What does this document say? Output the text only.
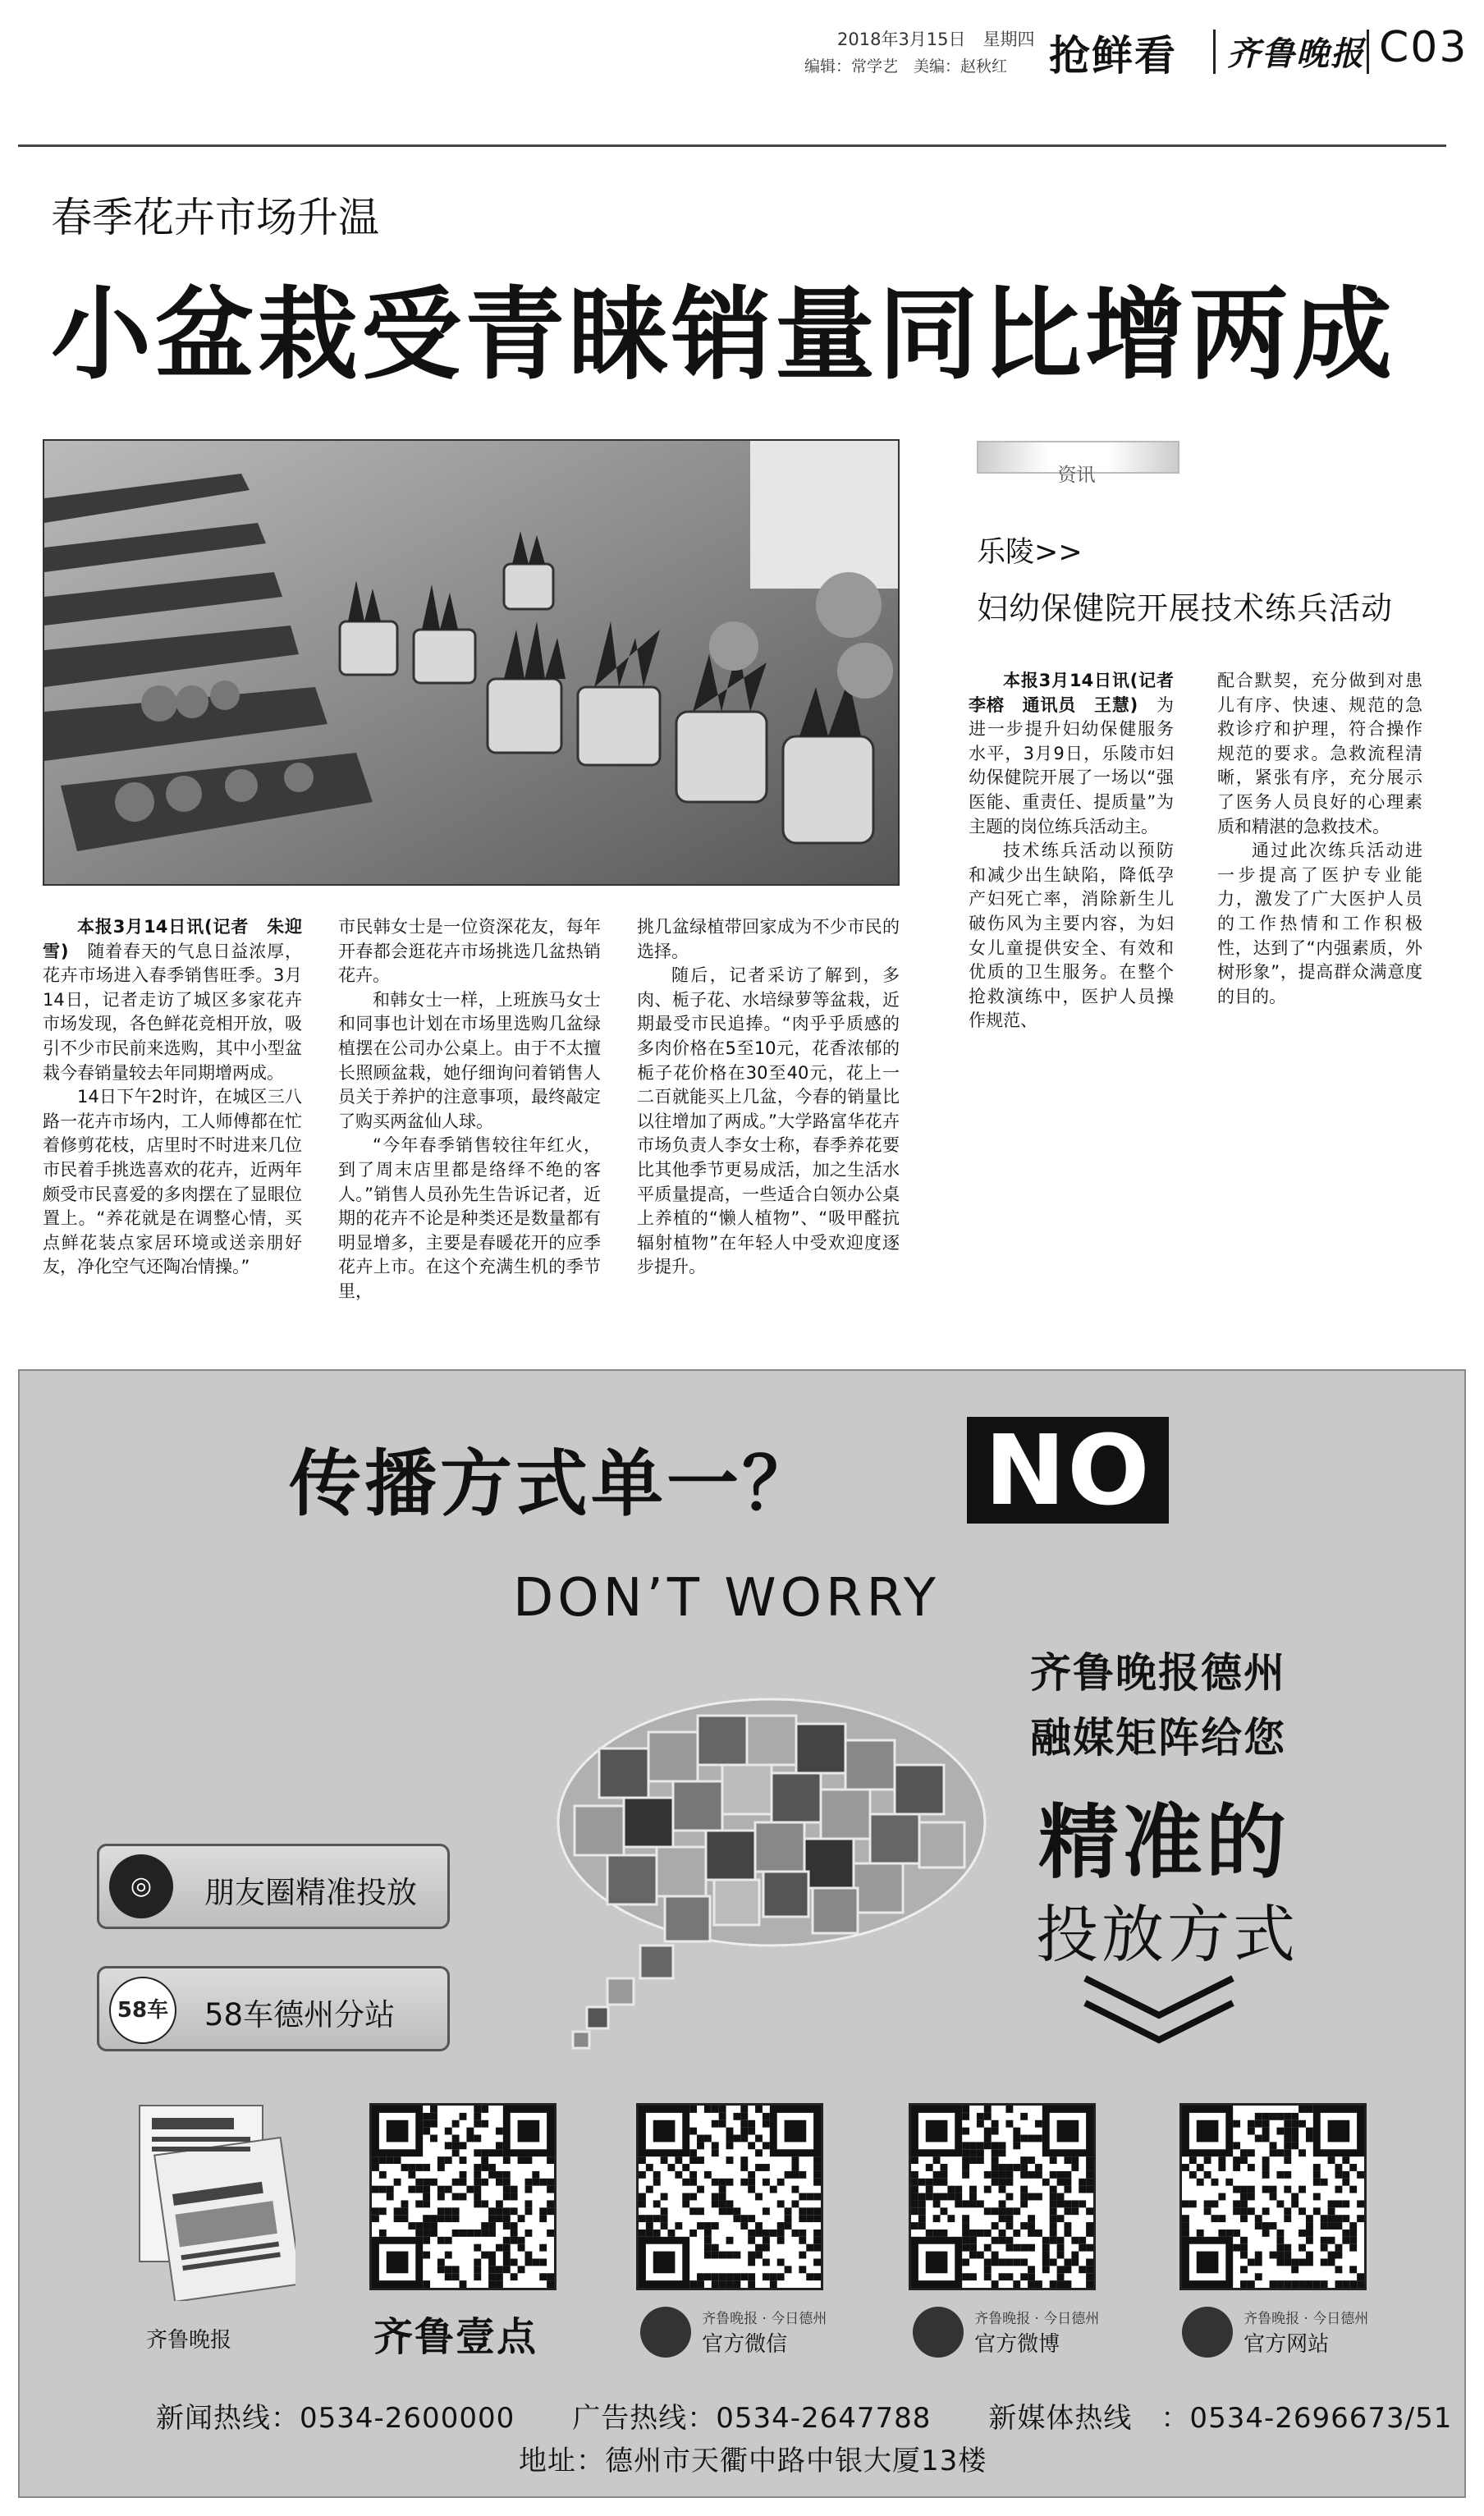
2018年3月15日　星期四
编辑：常学艺　美编：赵秋红 抢鲜看 齐鲁晚报 C03
春季花卉市场升温
小盆栽受青睐销量同比增两成

本报3月14日讯(记者　朱迎雪)　随着春天的气息日益浓厚，花卉市场进入春季销售旺季。3月14日，记者走访了城区多家花卉市场发现，各色鲜花竞相开放，吸引不少市民前来选购，其中小型盆栽今春销量较去年同期增两成。

14日下午2时许，在城区三八路一花卉市场内，工人师傅都在忙着修剪花枝，店里时不时进来几位市民着手挑选喜欢的花卉，近两年颇受市民喜爱的多肉摆在了显眼位置上。“养花就是在调整心情，买点鲜花装点家居环境或送亲朋好友，净化空气还陶冶情操。”

市民韩女士是一位资深花友，每年开春都会逛花卉市场挑选几盆热销花卉。

和韩女士一样，上班族马女士和同事也计划在市场里选购几盆绿植摆在公司办公桌上。由于不太擅长照顾盆栽，她仔细询问着销售人员关于养护的注意事项，最终敲定了购买两盆仙人球。

“今年春季销售较往年红火，到了周末店里都是络绎不绝的客人。”销售人员孙先生告诉记者，近期的花卉不论是种类还是数量都有明显增多，主要是春暖花开的应季花卉上市。在这个充满生机的季节里，

挑几盆绿植带回家成为不少市民的选择。

随后，记者采访了解到，多肉、栀子花、水培绿萝等盆栽，近期最受市民追捧。“肉乎乎质感的多肉价格在5至10元，花香浓郁的栀子花价格在30至40元，花上一二百就能买上几盆，今春的销量比以往增加了两成。”大学路富华花卉市场负责人李女士称，春季养花要比其他季节更易成活，加之生活水平质量提高，一些适合白领办公桌上养植的“懒人植物”、“吸甲醛抗辐射植物”在年轻人中受欢迎度逐步提升。

资讯
乐陵>>
妇幼保健院开展技术练兵活动

本报3月14日讯(记者　李榕　通讯员　王慧)　为进一步提升妇幼保健服务水平，3月9日，乐陵市妇幼保健院开展了一场以“强医能、重责任、提质量”为主题的岗位练兵活动主。

技术练兵活动以预防和减少出生缺陷，降低孕产妇死亡率，消除新生儿破伤风为主要内容，为妇女儿童提供安全、有效和优质的卫生服务。在整个抢救演练中，医护人员操作规范、

配合默契，充分做到对患儿有序、快速、规范的急救诊疗和护理，符合操作规范的要求。急救流程清晰，紧张有序，充分展示了医务人员良好的心理素质和精湛的急救技术。

通过此次练兵活动进一步提高了医护专业能力，激发了广大医护人员的工作热情和工作积极性，达到了“内强素质，外树形象”，提高群众满意度的目的。

传播方式单一？ NO
DON’T WORRY
齐鲁晚报德州
融媒矩阵给您
精准的
投放方式
◎	朋友圈精准投放
58车 58车德州分站
齐鲁晚报	齐鲁壹点
	齐鲁晚报 · 今日德州
官方微信

齐鲁晚报 · 今日德州
官方微博

齐鲁晚报 · 今日德州
官方网站
新闻热线：0534-2600000　　广告热线：0534-2647788　　新媒体热线　：0534-2696673/51
地址：德州市天衢中路中银大厦13楼
